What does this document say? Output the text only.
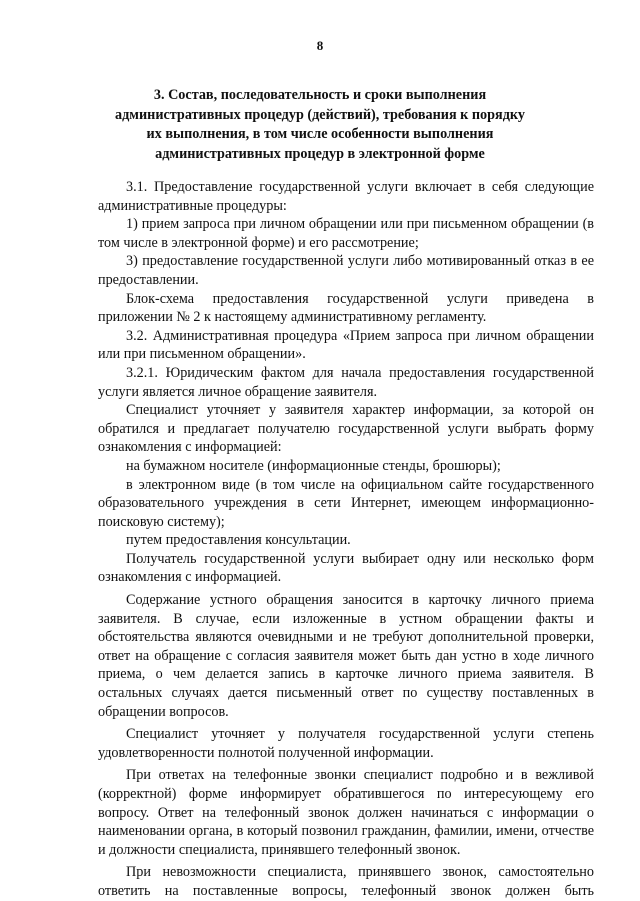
8
3. Состав, последовательность и сроки выполнения
административных процедур (действий), требования к порядку
их выполнения, в том числе особенности выполнения
административных процедур в электронной форме

3.1. Предоставление государственной услуги включает в себя следующие административные процедуры:

1) прием запроса при личном обращении или при письменном обращении (в том числе в электронной форме) и его рассмотрение;

3) предоставление государственной услуги либо мотивированный отказ в ее предоставлении.

Блок-схема предоставления государственной услуги приведена в приложении № 2 к настоящему административному регламенту.

3.2. Административная процедура «Прием запроса при личном обращении или при письменном обращении».

3.2.1. Юридическим фактом для начала предоставления государственной услуги является личное обращение заявителя.

Специалист уточняет у заявителя характер информации, за которой он обратился и предлагает получателю государственной услуги выбрать форму ознакомления с информацией:

на бумажном носителе (информационные стенды, брошюры);

в электронном виде (в том числе на официальном сайте государственного образовательного учреждения в сети Интернет, имеющем информационно-поисковую систему);

путем предоставления консультации.

Получатель государственной услуги выбирает одну или несколько форм ознакомления с информацией.

Содержание устного обращения заносится в карточку личного приема заявителя. В случае, если изложенные в устном обращении факты и обстоятельства являются очевидными и не требуют дополнительной проверки, ответ на обращение с согласия заявителя может быть дан устно в ходе личного приема, о чем делается запись в карточке личного приема заявителя. В остальных случаях дается письменный ответ по существу поставленных в обращении вопросов.

Специалист уточняет у получателя государственной услуги степень удовлетворенности полнотой полученной информации.

При ответах на телефонные звонки специалист подробно и в вежливой (корректной) форме информирует обратившегося по интересующему его вопросу. Ответ на телефонный звонок должен начинаться с информации о наименовании органа, в который позвонил гражданин, фамилии, имени, отчестве и должности специалиста, принявшего телефонный звонок.

При невозможности специалиста, принявшего звонок, самостоятельно ответить на поставленные вопросы, телефонный звонок должен быть
